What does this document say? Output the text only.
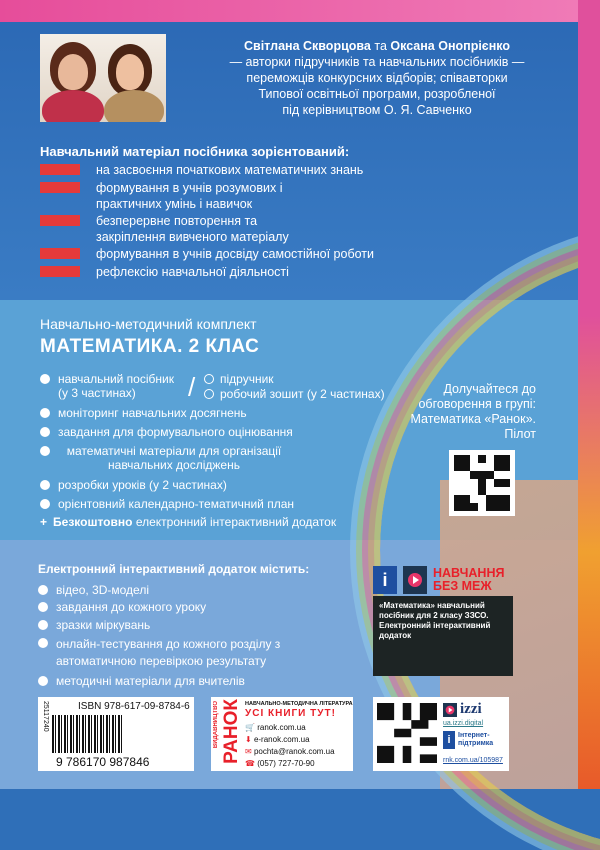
Світлана Скворцова та Оксана Онопрієнко
— авторки підручників та навчальних посібників —
переможців конкурсних відборів; співавторки
Типової освітньої програми, розробленої
під керівництвом О. Я. Савченко
Навчальний матеріал посібника зорієнтований:
на засвоєння початкових математичних знань
формування в учнів розумових і практичних умінь і навичок
безперервне повторення та закріплення вивченого матеріалу
формування в учнів досвіду самостійної роботи
рефлексію навчальної діяльності
Навчально-методичний комплект
МАТЕМАТИКА. 2 КЛАС
навчальний посібник (у 3 частинах)	/ підручник
робочий зошит (у 2 частинах)
моніторинг навчальних досягнень
завдання для формувального оцінювання
математичні матеріали для організації навчальних досліджень
розробки уроків (у 2 частинах)
орієнтовний календарно-тематичний план
+ Безкоштовно
електронний інтерактивний додаток
Долучайтеся до обговорення в групі: Математика «Ранок». Пілот
Електронний інтерактивний додаток містить:
відео, 3D-моделі
завдання до кожного уроку
зразки міркувань
онлайн-тестування до кожного розділу з автоматичною перевіркою результату
методичні матеріали для вчителів
i	НАВЧАННЯ
БЕЗ МЕЖ
«Математика» навчальний посібник для 2 класу ЗЗСО. Електронний інтерактивний додаток
25117240	ISBN 978-617-09-8784-6
9 786170 987846
ВИДАВНИЦТВО РАНОК НАВЧАЛЬНО-МЕТОДИЧНА ЛІТЕРАТУРА
УСІ КНИГИ ТУТ!
🛒 ranok.com.ua
⬇ e-ranok.com.ua
✉ pochta@ranok.com.ua
☎ (057) 727-70-90
izzi
ua.izzi.digital
i	Інтернет-підтримка
rnk.com.ua/105987
